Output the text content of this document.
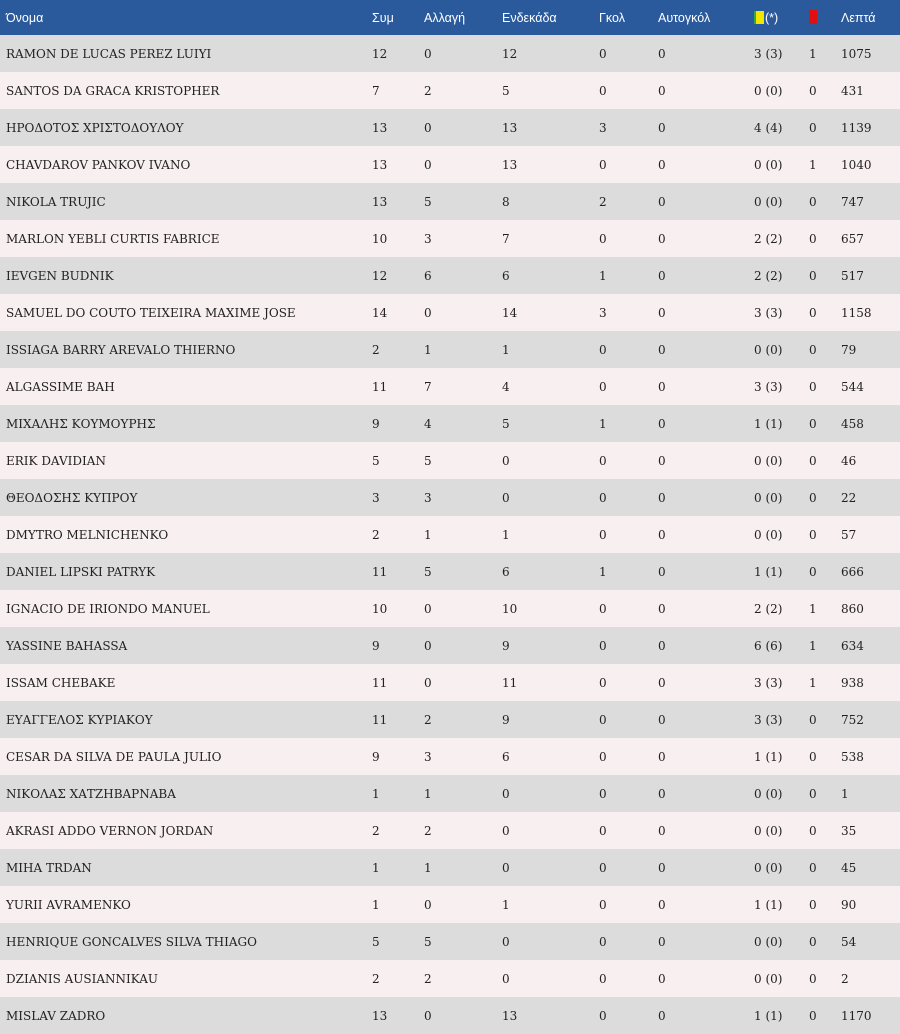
Όνομα	Συμ	Αλλαγή	Ενδεκάδα	Γκολ	Αυτογκόλ	(*)		Λεπτά
RAMON DE LUCAS PEREZ LUIYI	12	0	12	0	0	3 (3)	1	1075
SANTOS DA GRACA KRISTOPHER	7	2	5	0	0	0 (0)	0	431
ΗΡΟΔΟΤΟΣ ΧΡΙΣΤΟΔΟΥΛΟΥ	13	0	13	3	0	4 (4)	0	1139
CHAVDAROV PANKOV IVANO	13	0	13	0	0	0 (0)	1	1040
NIKOLA TRUJIC	13	5	8	2	0	0 (0)	0	747
MARLON YEBLI CURTIS FABRICE	10	3	7	0	0	2 (2)	0	657
IEVGEN BUDNIK	12	6	6	1	0	2 (2)	0	517
SAMUEL DO COUTO TEIXEIRA MAXIME JOSE	14	0	14	3	0	3 (3)	0	1158
ISSIAGA BARRY AREVALO THIERNO	2	1	1	0	0	0 (0)	0	79
ALGASSIME BAH	11	7	4	0	0	3 (3)	0	544
ΜΙΧΑΛΗΣ ΚΟΥΜΟΥΡΗΣ	9	4	5	1	0	1 (1)	0	458
ERIK DAVIDIAN	5	5	0	0	0	0 (0)	0	46
ΘΕΟΔΟΣΗΣ ΚΥΠΡΟΥ	3	3	0	0	0	0 (0)	0	22
DMYTRO MELNICHENKO	2	1	1	0	0	0 (0)	0	57
DANIEL LIPSKI PATRYK	11	5	6	1	0	1 (1)	0	666
IGNACIO DE IRIONDO MANUEL	10	0	10	0	0	2 (2)	1	860
YASSINE BAHASSA	9	0	9	0	0	6 (6)	1	634
ISSAM CHEBAKE	11	0	11	0	0	3 (3)	1	938
ΕΥΑΓΓΕΛΟΣ ΚΥΡΙΑΚΟΥ	11	2	9	0	0	3 (3)	0	752
CESAR DA SILVA DE PAULA JULIO	9	3	6	0	0	1 (1)	0	538
ΝΙΚΟΛΑΣ ΧΑΤΖΗΒΑΡΝΑΒΑ	1	1	0	0	0	0 (0)	0	1
AKRASI ADDO VERNON JORDAN	2	2	0	0	0	0 (0)	0	35
MIHA TRDAN	1	1	0	0	0	0 (0)	0	45
YURII AVRAMENKO	1	0	1	0	0	1 (1)	0	90
HENRIQUE GONCALVES SILVA THIAGO	5	5	0	0	0	0 (0)	0	54
DZIANIS AUSIANNIKAU	2	2	0	0	0	0 (0)	0	2
MISLAV ZADRO	13	0	13	0	0	1 (1)	0	1170
